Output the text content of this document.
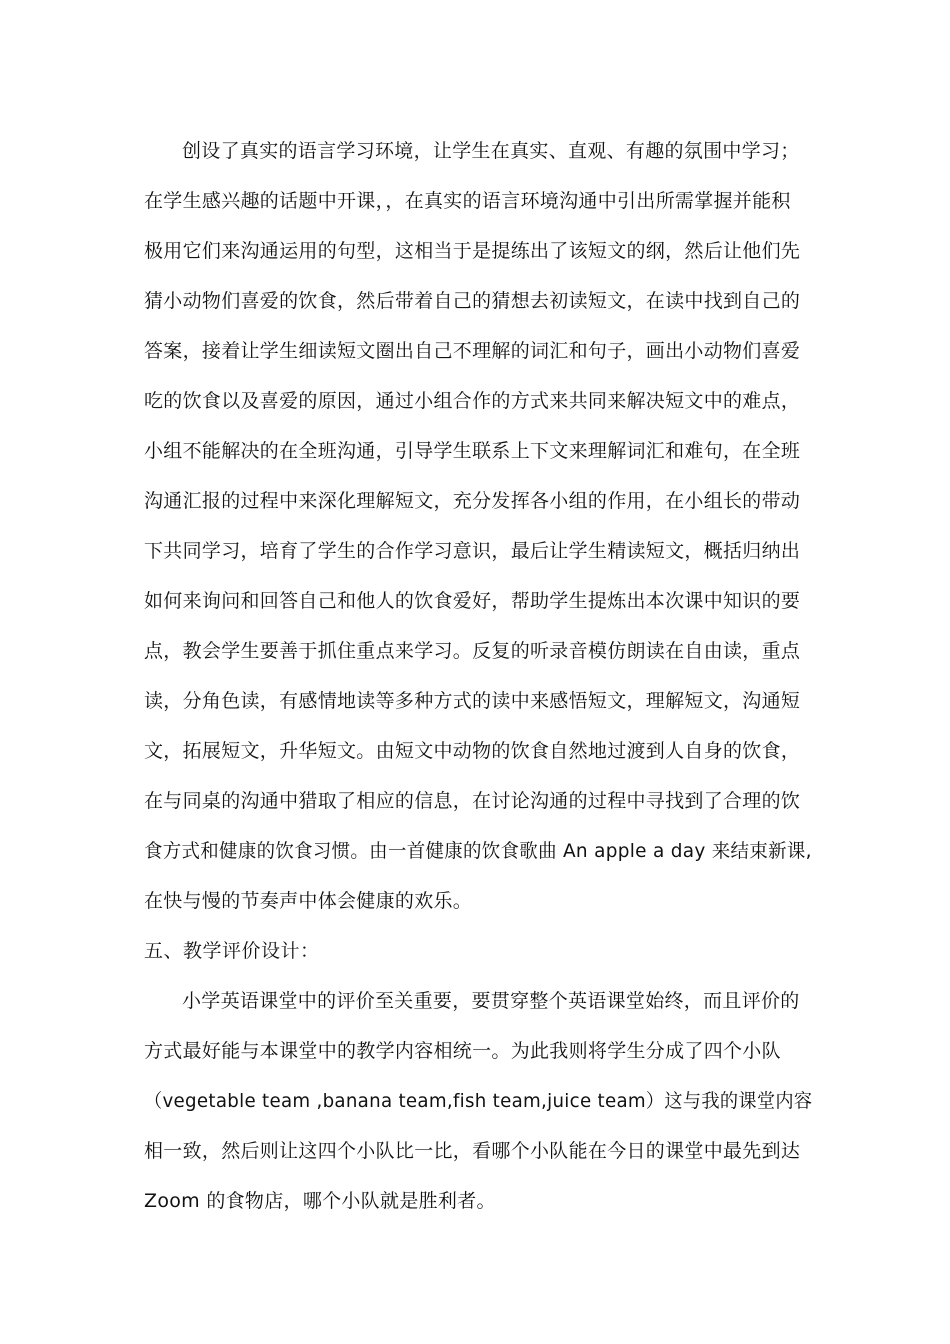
创设了真实的语言学习环境，让学生在真实、直观、有趣的氛围中学习；
在学生感兴趣的话题中开课，，在真实的语言环境沟通中引出所需掌握并能积
极用它们来沟通运用的句型，这相当于是提练出了该短文的纲，然后让他们先
猜小动物们喜爱的饮食，然后带着自己的猜想去初读短文，在读中找到自己的
答案，接着让学生细读短文圈出自己不理解的词汇和句子，画出小动物们喜爱
吃的饮食以及喜爱的原因，通过小组合作的方式来共同来解决短文中的难点，
小组不能解决的在全班沟通，引导学生联系上下文来理解词汇和难句，在全班
沟通汇报的过程中来深化理解短文，充分发挥各小组的作用，在小组长的带动
下共同学习，培育了学生的合作学习意识，最后让学生精读短文，概括归纳出
如何来询问和回答自己和他人的饮食爱好，帮助学生提炼出本次课中知识的要
点，教会学生要善于抓住重点来学习。反复的听录音模仿朗读在自由读，重点
读，分角色读，有感情地读等多种方式的读中来感悟短文，理解短文，沟通短
文，拓展短文，升华短文。由短文中动物的饮食自然地过渡到人自身的饮食，
在与同桌的沟通中猎取了相应的信息，在讨论沟通的过程中寻找到了合理的饮
食方式和健康的饮食习惯。由一首健康的饮食歌曲 An apple a day 来结束新课,
在快与慢的节奏声中体会健康的欢乐。
五、教学评价设计：
小学英语课堂中的评价至关重要，要贯穿整个英语课堂始终，而且评价的
方式最好能与本课堂中的教学内容相统一。为此我则将学生分成了四个小队
（vegetable team ,banana team,fish team,juice team）这与我的课堂内容
相一致，然后则让这四个小队比一比，看哪个小队能在今日的课堂中最先到达
Zoom 的食物店，哪个小队就是胜利者。
